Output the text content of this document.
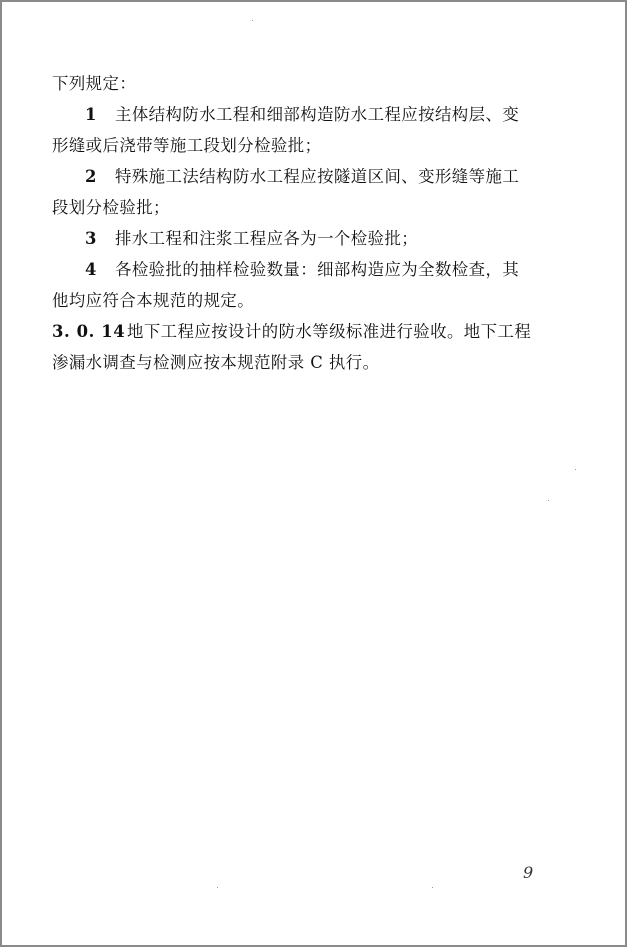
下列规定：
1 主体结构防水工程和细部构造防水工程应按结构层、变
形缝或后浇带等施工段划分检验批；
2 特殊施工法结构防水工程应按隧道区间、变形缝等施工
段划分检验批；
3 排水工程和注浆工程应各为一个检验批；
4 各检验批的抽样检验数量：细部构造应为全数检查，其
他均应符合本规范的规定。
3. 0. 14 地下工程应按设计的防水等级标准进行验收。地下工程
渗漏水调查与检测应按本规范附录 C 执行。
9
